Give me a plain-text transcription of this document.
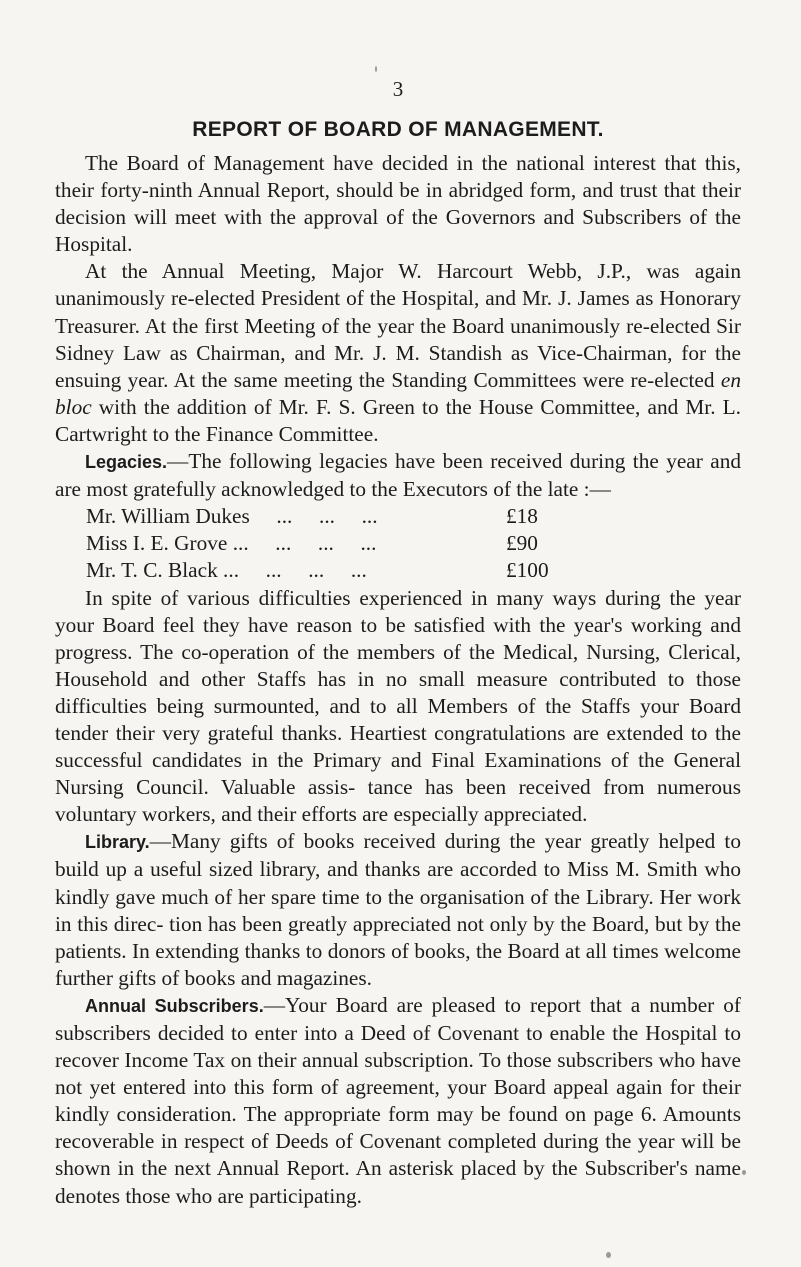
3
REPORT OF BOARD OF MANAGEMENT.

The Board of Management have decided in the national interest that this, their forty-ninth Annual Report, should be in abridged form, and trust that their decision will meet with the approval of the Governors and Subscribers of the Hospital.

At the Annual Meeting, Major W. Harcourt Webb, J.P., was again unanimously re-elected President of the Hospital, and Mr. J. James as Honorary Treasurer. At the first Meeting of the year the Board unanimously re-elected Sir Sidney Law as Chairman, and Mr. J. M. Standish as Vice-Chairman, for the ensuing year. At the same meeting the Standing Committees were re-elected en bloc with the addition of Mr. F. S. Green to the House Committee, and Mr. L. Cartwright to the Finance Committee.

Legacies.—The following legacies have been received during the year and are most gratefully acknowledged to the Executors of the late :—

Mr. William Dukes     ...     ...     ...	£18
Miss I. E. Grove ...     ...     ...     ...	£90
Mr. T. C. Black ...     ...     ...     ...	£100

In spite of various difficulties experienced in many ways during the year your Board feel they have reason to be satisfied with the year's working and progress. The co-operation of the members of the Medical, Nursing, Clerical, Household and other Staffs has in no small measure contributed to those difficulties being surmounted, and to all Members of the Staffs your Board tender their very grateful thanks. Heartiest congratulations are extended to the successful candidates in the Primary and Final Examinations of the General Nursing Council. Valuable assis- tance has been received from numerous voluntary workers, and their efforts are especially appreciated.

Library.—Many gifts of books received during the year greatly helped to build up a useful sized library, and thanks are accorded to Miss M. Smith who kindly gave much of her spare time to the organisation of the Library. Her work in this direc- tion has been greatly appreciated not only by the Board, but by the patients. In extending thanks to donors of books, the Board at all times welcome further gifts of books and magazines.

Annual Subscribers.—Your Board are pleased to report that a number of subscribers decided to enter into a Deed of Covenant to enable the Hospital to recover Income Tax on their annual subscription. To those subscribers who have not yet entered into this form of agreement, your Board appeal again for their kindly consideration. The appropriate form may be found on page 6. Amounts recoverable in respect of Deeds of Covenant completed during the year will be shown in the next Annual Report. An asterisk placed by the Subscriber's name denotes those who are participating.
